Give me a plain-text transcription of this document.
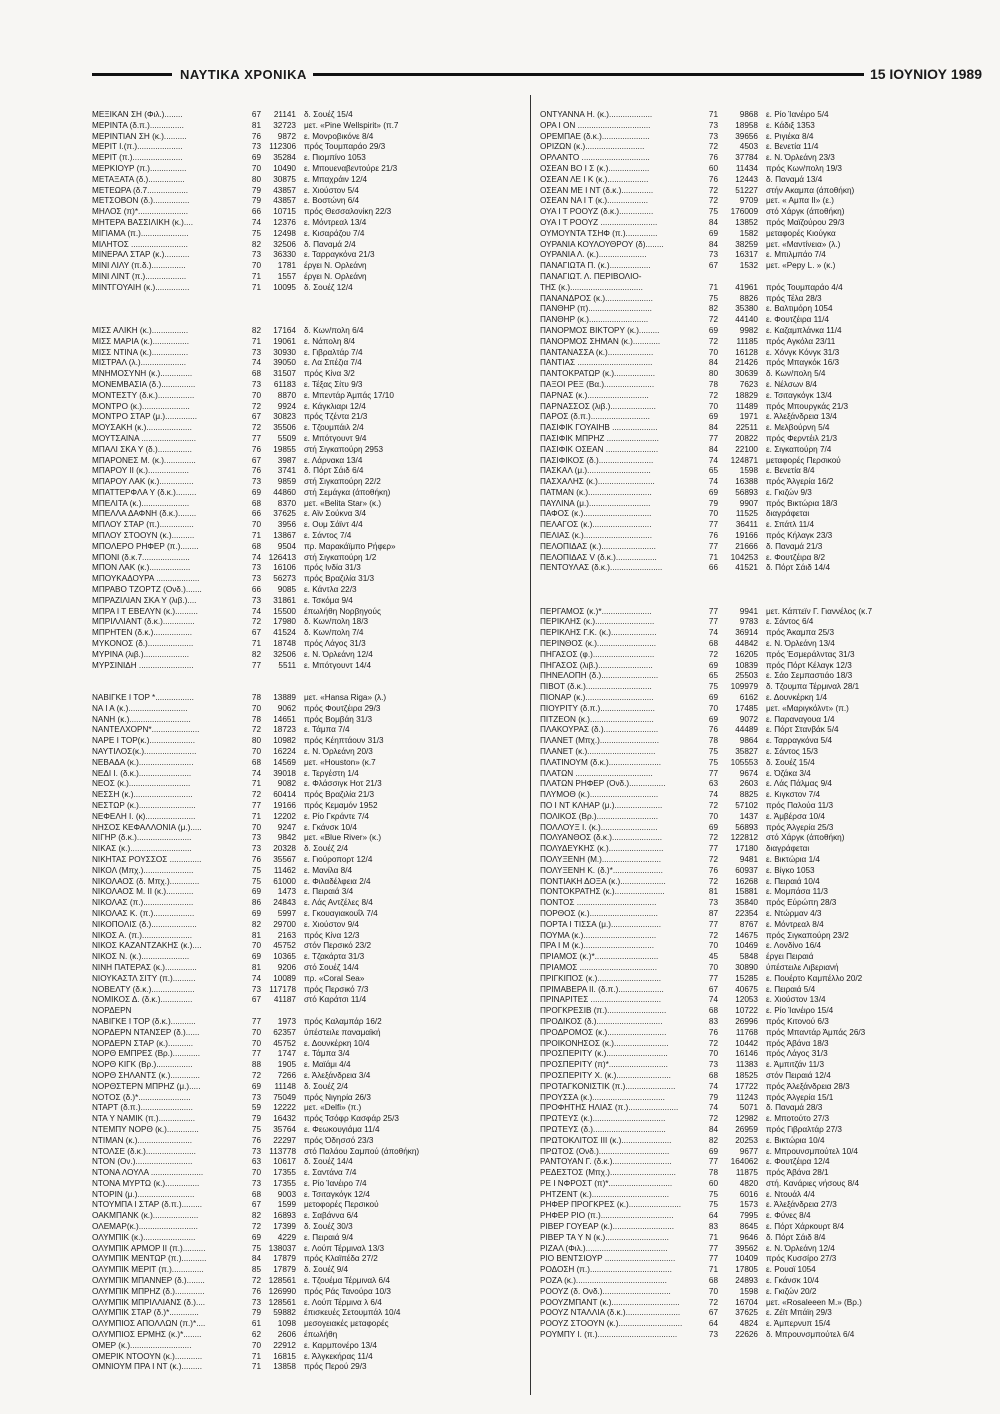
ΝΑΥΤΙΚΑ ΧΡΟΝΙΚΑ	15 ΙΟΥΝΙΟΥ 1989
ΜΕΞΙΚΑΝ ΣΗ (Φιλ.)........	67	21141 δ. Σουέζ 15/4
ΜΕΡΙΝΤΑ (δ.π.)...............	81	32723 μετ. «Pine Wellspirit» (π.7
ΜΕΡΙΝΤΙΑΝ ΣΗ (κ.)..........	76	9872 ε. Μονροβικόνε 8/4
ΜΕΡΙΤ Ι.(π.)....................	73	112306 πρός Τουμπαράο 29/3
ΜΕΡΙΤ (π.)......................	69	35284 ε. Πιομπίνο 1053
ΜΕΡΚΙΟΥΡ (π.)................	70	10490 ε. Μπουεναβεντούρε 21/3
ΜΕΤΑΞΑΤΑ (δ.)................	80	30875 ε. Μπαχράιν 12/4
ΜΕΤΕΩΡΑ (δ.7..................	79	43857 ε. Χιούστον 5/4
ΜΕΤΣΟΒΟΝ (δ.)................	79	43857 ε. Βοστώνη 6/4
ΜΗΛΟΣ (π)*......................	66	10715 πρός Θεσσαλονίκη 22/3
ΜΗΤΕΡΑ ΒΑΣΣΙΛΙΚΗ (κ.)....	74	12376 ε. Μόντρεαλ 13/4
ΜΙΓΙΑΜΑ (π.).....................	75	12498 ε. Κισαράζου 7/4
ΜΙΛΗΤΟΣ .........................	82	32506 δ. Παναμά 2/4
ΜΙΝΕΡΑΛ ΣΤΑΡ (κ.)...........	73	36330 ε. Ταρραγκόνα 21/3
ΜΙΝΙ ΛΙΛΥ (π.δ.)...............	70	1781 έργει Ν. Ορλεάνη
ΜΙΝΙ ΛΙΝΤ (π.)..................	71	1557 έργει Ν. Ορλεάνη
ΜΙΝΤΓΟΥΑΙΗ (κ.)...............	71	10095 δ. Σουέζ 12/4
ΜΙΣΣ ΑΛΙΚΗ (κ.)................	82	17164 δ. Κων/πολη 6/4
ΜΙΣΣ ΜΑΡΙΑ (κ.)................	71	19061 ε. Νάπολη 8/4
ΜΙΣΣ ΝΤΙΝΑ (κ.)................	73	30930 ε. Γιβραλτάρ 7/4
ΜΙΣΤΡΑΛ (λ.)....................	74	39050 ε. Λα Σπέζια 7/4
ΜΝΗΜΟΣΥΝΗ (κ.)..............	68	31507 πρός Κίνα 3/2
ΜΟΝΕΜΒΑΣΙΑ (δ.)...............	73	61183 ε. Τέξας Σίτυ 9/3
ΜΟΝΤΕΣΤΥ (δ.κ.)................	70	8870 ε. Μπεντάρ Άμπάς 17/10
ΜΟΝΤΡΟ (κ.).....................	72	9924 ε. Κάγκλιαρι 12/4
ΜΟΝΤΡΟ ΣΤΑΡ (μ.)..............	67	30823 πρός Τζέντα 21/3
ΜΟΥΣΑΚΗ (κ.)....................	72	35506 ε. Τζουμπάιλ 2/4
ΜΟΥΤΣΑΙΝΑ ........................	77	5509 ε. Μπότγουντ 9/4
ΜΠΑΛΙ ΣΚΑ Υ (δ.)...............	76	19855 στή Σιγκαπούρη 2953
ΜΠΑΡΟΝΕΣ Μ. (κ.)..............	67	3987 ε. Λάρνακα 13/4
ΜΠΑΡΟΥ ΙΙ (κ.)..................	76	3741 δ. Πόρτ Σάιδ 6/4
ΜΠΑΡΟΥ ΛΑΚ (κ.)...............	73	9859 στή Σιγκαπούρη 22/2
ΜΠΑΤΤΕΡΦΛΑ Υ (δ.κ.).........	69	44860 στή Σεμάγκα (άποθήκη)
ΜΠΕΛΙΤΑ (κ.).....................	68	8370 μετ. «Belita Star» (κ.)
ΜΠΕΛΛΑ ΔΑΦΝΗ (δ.κ.)........	66	37625 ε. Αϊν Σούκνα 3/4
ΜΠΛΟΥ ΣΤΑΡ (π.)...............	70	3956 ε. Ουμ Σάϊντ 4/4
ΜΠΛΟΥ ΣΤΟΟΥΝ (κ.)..........	71	13867 ε. Σάντος 7/4
ΜΠΟΛΕΡΟ ΡΗΦΕΡ (π.)........	68	9504 πρ. Μαρακάϊμπο Ρήφερ»
ΜΠΟΝΙ (δ.κ.7.....................	74 126413 στή Σιγκαπούρη 1/2
ΜΠΟΝ ΛΑΚ (κ.)..................	73	16106 πρός Ινδία 31/3
ΜΠΟΥΚΑΔΟΥΡΑ ...................	73	56273 πρός Βραζιλία 31/3
ΜΠΡΑΒΟ ΤΖΟΡΤΖ (Ονδ.).......	66	9085 ε. Κάντλα 22/3
ΜΠΡΑΖΙΛΙΑΝ ΣΚΑ Υ (λιβ.)....	73	31861 ε. Τσκόμα 9/4
ΜΠΡΑ Ι Τ ΕΒΕΛΥΝ (κ.)..........	74	15500 έπωλήθη Νορβηγούς
ΜΠΡΙΛΛΙΑΝΤ (δ.κ.)..............	72	17980 δ. Κων/πολη 18/3
ΜΠΡΗΤΕΝ (δ.κ.).................	67	41524 δ. Κων/πολη 7/4
ΜΥΚΟΝΟΣ (δ.)....................	71	18748 πρός Λάγος 31/3
ΜΥΡΙΝΑ (λιβ.)....................	82	32506 ε. Ν. Όρλεάνη 12/4
ΜΥΡΣΙΝΙΔΗ ........................	77	5511 ε. Μπότγουντ 14/4
ΝΑΒΙΓΚΕ Ι ΤΟΡ *.................	78	13889 μετ. «Hansa Riga» (λ.)
ΝΑ Ι Α (κ.)..........................	70	9062 πρός Φουτζέιρα 29/3
ΝΑΝΗ (κ.)...........................	78	14651 πρός Βομβάη 31/3
ΝΑΝΤΕΛΧΟΡΝ*.....................	72	18723 ε. Τάμπα 7/4
ΝΑΡΕ Ι ΤΟΡ(κ.)....................	80	10982 πρός Κέηπτάουν 31/3
ΝΑΥΤΙΛΟΣ(κ.).......................	70	16224 ε. Ν. Όρλεάνη 20/3
ΝΕΒΑΔΑ (κ.)........................	68	14569 μετ. «Houston» (κ.7
ΝΕΔΙ Ι. (δ.κ.).......................	74	39018 ε. Τεργέστη 1/4
ΝΕΟΣ (κ.)...........................	71	9082 ε. Φλάσσιγκ Ηοτ 21/3
ΝΕΣΣΗ (κ.)..........................	72	60414 πρός Βραζιλία 21/3
ΝΕΣΤΩΡ (κ.).........................	77	19166 πρός Κεμαμόν 1952
ΝΕΦΕΛΗ Ι. (κ)......................	71	12202 ε. Ρίο Γκράντε 7/4
ΝΗΣΟΣ ΚΕΦΑΛΛΟΝΙΑ (μ.).....	70	9247 ε. Γκάνσκ 10/4
ΝΙΓΗΡ (δ.κ.)........................	73	9842 μετ. «Blue River» (κ.)
ΝΙΚΑΣ (κ.)...........................	73	20328 δ. Σουέζ 2/4
ΝΙΚΗΤΑΣ ΡΟΥΣΣΟΣ ..............	76	35567 ε. Γιούροπορτ 12/4
ΝΙΚΟΛ (Μπχ.)......................	75	11462 ε. Μανίλα 8/4
ΝΙΚΟΛΑΟΣ (δ. Μπχ.).............	75	61000 ε. Φιλαδέλφεια 2/4
ΝΙΚΟΛΑΟΣ Μ. ΙΙ (κ.)............	69	1473 ε. Πειραιά 3/4
ΝΙΚΟΛΑΣ (π.)......................	86	24843 ε. Λάς Αντζέλες 8/4
ΝΙΚΟΛΑΣ Κ. (π.)..................	69	5997 ε. Γκουαγιακουΐλ 7/4
ΝΙΚΟΠΟΛΙΣ (δ.)....................	82	29700 ε. Χιούστον 9/4
ΝΙΚΟΣ Α. (π.)......................	81	2163 πρός Κίνα 12/3
ΝΙΚΟΣ ΚΑΖΑΝΤΖΑΚΗΣ (κ.)....	70	45752 στόν Περσικό 23/2
ΝΙΚΟΣ Ν. (κ.).....................	69	10365 ε. Τζακάρτα 31/3
ΝΙΝΗ ΠΑΤΕΡΑΣ (κ.)..............	81	9206 στό Σουέζ 14/4
ΝΙΟΥΚΑΣΤΛ ΣΙΤΥ (π.)..........	74	10089 πρ. «Coral Sea»
ΝΟΒΕΛΤΥ (δ.κ.)...................	73	117178 πρός Περσικό 7/3
ΝΟΜΙΚΟΣ Δ. (δ.κ.)..............	67	41187 στό Καράτσι 11/4
ΝΟΡΔΕΡΝ
ΝΑΒΙΓΚΕ Ι ΤΟΡ (δ.κ.)...........	77	1973 πρός Καλαμπάρ 16/2
ΝΟΡΔΕΡΝ ΝΤΑΝΣΕΡ (δ.)......	70	62357 ύπέστειλε παναμαϊκή
ΝΟΡΔΕΡΝ ΣΤΑΡ (κ.)...........	70	45752 ε. Δουνκέρκη 10/4
ΝΟΡΘ ΕΜΠΡΕΣ (Βρ.)............	77	1747 ε. Τάμπα 3/4
ΝΟΡΘ ΚΙΓΚ (Βρ.)................	88	1905 ε. Μαϊάμι 4/4
ΝΟΡΘ ΣΗΛΑΝΤΣ (κ.).............	72	7266 ε. Άλεξάνδρεια 3/4
ΝΟΡΘΣΤΕΡΝ ΜΠΡΗΖ (μ.).....	69	11148 δ. Σουέζ 2/4
ΝΟΤΟΣ (δ.)*.......................	73	75049 πρός Νιγηρία 26/3
ΝΤΑΡΤ (δ.π.).......................	59	12222 μετ. «Delfi» (π.)
ΝΤΑ Υ ΝΑΜΙΚ (π.)................	79	16432 πρός Τσόφρ Κασφάρ 25/3
ΝΤΕΜΠΥ ΝΟΡΘ (κ.)..............	75	35764 ε. Φεωκουγιάμα 11/4
ΝΤΙΜΑΝ (κ.)........................	76	22297 πρός Όδησσό 23/3
ΝΤΟΛΣΕ (δ.κ.)......................	73	113778 στό Παλάου Σαμπού (άποθήκη)
ΝΤΟΝ (Ον.).........................	63	10617 δ. Σουέζ 14/4
ΝΤΟΝΑ ΛΟΥΛΑ .......................	70	17355 ε. Σαντάνα 7/4
ΝΤΟΝΑ ΜΥΡΤΩ (κ.)...............	73	17355 ε. Ρίο Ίανέιρο 7/4
ΝΤΟΡΙΝ (μ.).........................	68	9003 ε. Τσιταγκόγκ 12/4
ΝΤΟΥΜΠΑ Ι ΣΤΑΡ (δ.π.).........	67	1599 μετοφορές Περσικού
ΟΑΚΜΠΑΝΚ (κ.)....................	82	16893 ε. Σαβάννα 6/4
ΟΛΕΜΑΡ(κ.)..........................	72	17399 δ. Σουέζ 30/3
ΟΛΥΜΠΙΚ (κ.).......................	69	4229 ε. Πειραιά 9/4
ΟΛΥΜΠΙΚ ΑΡΜΟΡ ΙΙ (π.)..........	75 138037 ε. Λούπ Τέρμιναλ 13/3
ΟΛΥΜΠΙΚ ΜΕΝΤΩΡ (π.)...........	84	17879 πρός Κλαϊπέδα 27/2
ΟΛΥΜΠΙΚ ΜΕΡΙΤ (π.)..............	85	17879 δ. Σουέζ 9/4
ΟΛΥΜΠΙΚ ΜΠΑΝΝΕΡ (δ.)........	72 128561 ε. Τζουέμα Τέρμιναλ 6/4
ΟΛΥΜΠΙΚ ΜΠΡΗΖ (δ.).............	76 126990 πρός Ράς Τανούρα 10/3
ΟΛΥΜΠΙΚ ΜΠΡΙΛΛΙΑΝΣ (δ.)....	73 128561 ε. Λούπ Τέρμινα λ 6/4
ΟΛΥΜΠΙΚ ΣΤΑΡ (δ.)*.............	79	59882 έπισκευές Σετουμπάλ 10/4
ΟΛΥΜΠΙΟΣ ΑΠΟΛΛΩΝ (π.)*....	61	1098 μεσογειακές μεταφορές
ΟΛΥΜΠΙΟΣ ΕΡΜΗΣ (κ.)*........	62	2606 έπωλήθη
ΟΜΕΡ (κ.)...........................	70	22912 ε. Καρμπονέρο 13/4
ΟΜΕΡΙΚ ΝΤΟΟΥΝ (κ.)............	71	16815 ε. Άλγκεκήρας 11/4
ΟΜΝΙΟΥΜ ΠΡΑ Ι ΝΤ (κ.).........	71	13858 πρός Περού 29/3
ΟΝΤΥΑΝΝΑ Η. (κ.)...................	71	9868 ε. Ρίο Ίανέιρο 5/4
ΟΡΑ Ι ΟΝ ................................	73	18958 ε. Κάδιξ 1353
ΟΡΕΜΠΑΕ (δ.κ.).....................	73	39656 ε. Ριγιέκα 8/4
ΟΡΙΖΩΝ (κ.)..........................	72	4503 ε. Βενετία 11/4
ΟΡΛΑΝΤΟ ..............................	76	37784 ε. Ν. Όρλεάνη 23/3
ΟΣΕΑΝ ΒΟ Ι Σ (κ.)..................	60	11434 πρός Κων/πολη 19/3
ΟΣΕΑΝ ΛΕ Ι Κ (κ.)..................	76	12443 δ. Παναμά 13/4
ΟΣΕΑΝ ΜΕ Ι ΝΤ (δ.κ.)..............	72	51227 στήν Ακαμπα (άποθήκη)
ΟΣΕΑΝ ΝΑ Ι Τ (κ.)..................	72	9709 μετ. « Αμπα ΙΙ» (ε.)
ΟΥΑ Ι Τ ΡΟΟΥΖ (δ.κ.)...............	75	176009 στό Χάργκ (άποθήκη)
ΟΥΑ Ι Τ ΡΟΟΥΖ .........................	84	13852 πρός Μαϊζούρου 29/3
ΟΥΜΟΥΝΤΑ ΤΣΗΦ (π.)..............	69	1582 μεταφορές Κιούγκα
ΟΥΡΑΝΙΑ ΚΟΥΛΟΥΘΡΟΥ (δ)........	84	38259 μετ. «Μαντίνεια» (λ.)
ΟΥΡΑΝΙΑ Λ. (κ.).....................	73	16317 ε. Μπιλμπάο 7/4
ΠΑΝΑΓΙΩΤΑ Π. (κ.)..................	67	1532 μετ. «Pepy L. » (κ.)
ΠΑΝΑΓΙΩΤ. Λ. ΠΕΡΙΒΟΛΙΟ-
ΤΗΣ (κ.)................................	71	41961 πρός Τουμπαράο 4/4
ΠΑΝΑΝΔΡΟΣ (κ.).....................	75	8826 πρός Τέλα 28/3
ΠΑΝΘΗΡ (π)............................	82	35380 ε. Βαλτιμόρη 1054
ΠΑΝΘΗΡ (κ.)..........................	72	44140 ε. Φουτζέιρα 11/4
ΠΑΝΟΡΜΟΣ ΒΙΚΤΟΡΥ (κ.).........	69	9982 ε. Καζαμπλάνκα 11/4
ΠΑΝΟΡΜΟΣ ΣΗΜΑΝ (κ.)............	72	11185 πρός Αγκόλα 23/11
ΠΑΝΤΑΝΑΣΣΑ (κ.)....................	70	16128 ε. Χόνγκ Κόνγκ 31/3
ΠΑΝΤΙΑΣ .................................	84	21426 πρός Μπαγκόκ 16/3
ΠΑΝΤΟΚΡΑΤΩΡ (κ.)..................	80	30639 δ. Κων/πολη 5/4
ΠΑΞΟΙ ΡΕΞ (Βα.)......................	78	7623 ε. Νέλσων 8/4
ΠΑΡΝΑΣ (κ.)...........................	72	18829 ε. Τσιταγκόγκ 13/4
ΠΑΡΝΑΣΣΟΣ (λιβ.)....................	70	11489 πρός Μπουργκάς 21/3
ΠΑΡΟΣ (δ.π.)..........................	69	1971 ε. Άλεξάνδρεια 13/4
ΠΑΣΙΦΙΚ ΓΟΥΑΙΗΒ ....................	84	22511 ε. Μελβούρνη 5/4
ΠΑΣΙΦΙΚ ΜΠΡΗΖ .......................	77	20822 πρός Φερντέιλ 21/3
ΠΑΣΙΦΙΚ ΟΣΕΑΝ .......................	84	22100 ε. Σιγκαπούρη 7/4
ΠΑΣΙΦΙΚΟΣ (δ.)........................	74	124871 μεταφορές Περσικού
ΠΑΣΚΑΛ (μ.)............................	65	1598 ε. Βενετία 8/4
ΠΑΣΧΑΛΗΣ (κ.).........................	74	16388 πρός Άλγερία 16/2
ΠΑΤΜΑΝ (κ.)............................	69	56893 ε. Γκιζών 9/3
ΠΑΥΛΙΝΑ (μ.)...........................	79	9907 πρός Βικτώρια 18/3
ΠΑΦΟΣ (κ.)..............................	70	11525 διαγράφεται
ΠΕΛΑΓΟΣ (κ.)..........................	77	36411 ε. Σπάτλ 11/4
ΠΕΛΙΑΣ (κ.)..............................	76	19166 πρός Κήλαγκ 23/3
ΠΕΛΟΠΙΔΑΣ (κ.)........................	77	21666 δ. Παναμά 21/3
ΠΕΛΟΠΙΔΑΣ V (δ.κ.)..................	71	104253 ε. Φουτζέιρα 8/2
ΠΕΝΤΟΥΛΑΣ (δ.κ.).......................	66	41521 δ. Πόρτ Σάιδ 14/4
ΠΕΡΓΑΜΟΣ (κ.)*......................	77	9941 μετ. Κάπτεϊν Γ. Γιαννέλος (κ.7
ΠΕΡΙΚΛΗΣ (κ.)..........................	77	9783 ε. Σάντος 6/4
ΠΕΡΙΚΛΗΣ Γ.Κ. (κ.)....................	74	36914 πρός Άκαμπα 25/3
ΠΕΡΙΝΘΟΣ (κ.)..........................	68	44842 ε. Ν. Όρλεάνη 13/4
ΠΗΓΑΣΟΣ (φ.)...........................	72	16205 πρός Έσμεράλντας 31/3
ΠΗΓΑΣΟΣ (λιβ.)........................	69	10839 πρός Πόρτ Κέλαγκ 12/3
ΠΗΝΕΛΟΠΗ (δ.).........................	65	25503 ε. Σάο Σεμπαστιάο 18/3
ΠΙΒΟΤ (δ.κ.).............................	75	109979 δ. Τζουμπα Τέρμιναλ 28/1
ΠΙΟΝΑΡ (κ.)..............................	69	6162 ε. Δουνκέρκη 1/4
ΠΙΟΥΡΙΤΥ (δ.π.)........................	70	17485 μετ. «Μαριγκόλντ» (π.)
ΠΙΤΖΕΟΝ (κ.)............................	69	9072 ε. Παραναγουα 1/4
ΠΛΑΚΟΥΡΑΣ (δ.)........................	76	44489 ε. Πόρτ Στανβάκ 5/4
ΠΛΑΝΕΤ (Μπχ.)..........................	78	9864 ε. Ταρραγκόνα 5/4
ΠΛΑΝΕΤ (κ.)..............................	75	35827 ε. Σάντος 15/3
ΠΛΑΤΙΝΟΥΜ (δ.κ.).......................	75	105553 δ. Σουέζ 15/4
ΠΛΑΤΩΝ ..................................	77	9674 ε. Όζάκα 3/4
ΠΛΑΤΩΝ ΡΗΦΕΡ (Ονδ.)................	63	2603 ε. Λάς Πάλμας 9/4
ΠΛΥΜΟΘ (κ.)..............................	74	8825 ε. Κιγκστον 7/4
ΠΟ Ι ΝΤ ΚΛΗΑΡ (μ.).....................	72	57102 πρός Παλούα 11/3
ΠΟΛΙΚΟΣ (Βρ.)...........................	70	1437 ε. Άμβέρσα 10/4
ΠΟΛΛΟΥΞ Ι. (κ.).........................	69	56893 πρός Άλγερία 25/3
ΠΟΛΥΑΝΘΟΣ (δ.κ.)......................	72	122812 στό Χάργκ (άποθήκη)
ΠΟΛΥΔΕΥΚΗΣ (κ.)........................	77	17180 διαγράφεται
ΠΟΛΥΞΕΝΗ (Μ.)..........................	72	9481 ε. Βικτώρια 1/4
ΠΟΛΥΞΕΝΗ Κ. (δ.)*......................	76	60937 ε. Βίγκο 1053
ΠΟΝΤΙΑΚΗ ΔΟΞΑ (κ.)....................	72	16268 ε. Πειραιά 10/4
ΠΟΝΤΟΚΡΑΤΗΣ (κ.)......................	81	15881 ε. Μομπάσα 11/3
ΠΟΝΤΟΣ ...................................	73	35840 πρός Εύρώπη 28/3
ΠΟΡΘΟΣ (κ.)..............................	87	22354 ε. Ντώρμαν 4/3
ΠΟΡΤΑ Ι ΤΙΣΣΑ (μ.)......................	77	8767 ε. Μόντρεαλ 8/4
ΠΟΥΜΑ (κ.)................................	72	14675 πρός Σιγκαπούρη 23/2
ΠΡΑ Ι Μ (κ.)...............................	70	10469 ε. Λονδίνο 16/4
ΠΡΙΑΜΟΣ (κ.)*............................	45	5848 έργει Πειραιά
ΠΡΙΑΜΟΣ ..................................	70	30890 ύπέστειλε Λιβεριανή
ΠΡΙΓΚΙΠΟΣ (κ.)............................	77	15285 ε. Πουέρτο Καμπέλλο 20/2
ΠΡΙΜΑΒΕΡΑ ΙΙ. (δ.π.)....................	67	40675 ε. Πειραιά 5/4
ΠΡΙΝΑΡΙΤΕΣ ...............................	74	12053 ε. Χιούστον 13/4
ΠΡΟΓΚΡΕΣΙΒ (π.)..........................	68	10722 ε. Ρίο Ίανέιρο 15/4
ΠΡΟΔΙΚΟΣ (δ.).............................	83	26996 πρός Κιτονού 6/3
ΠΡΟΔΡΟΜΟΣ (κ.)..........................	76	11768 πρός Μπαντάρ Άμπάς 26/3
ΠΡΟΙΚΟΝΗΣΟΣ (κ.)........................	72	10442 πρός Άβάνα 18/3
ΠΡΟΣΠΕΡΙΤΥ (κ.)...........................	70	16146 πρός Λάγος 31/3
ΠΡΟΣΠΕΡΙΤΥ (π)*..........................	73	11383 ε. Άμπιτζάν 11/3
ΠΡΟΣΠΕΡΙΤΥ Χ. (κ.)........................	68	18525 στόν Πειραιά 12/4
ΠΡΟΤΑΓΚΟΝΙΣΤΙΚ (π.)......................	74	17722 πρός Άλεξάνδρεια 28/3
ΠΡΟΥΣΣΑ (κ.)................................	79	11243 πρός Άλγερία 15/1
ΠΡΟΦΗΤΗΣ ΗΛΙΑΣ (π.)......................	74	5071 δ. Παναμά 28/3
ΠΡΩΤΕΥΣ (κ.)................................	72	12982 ε. Μποτούτο 27/3
ΠΡΩΤΕΥΣ (δ.)................................	84	26959 πρός Γιβραλτάρ 27/3
ΠΡΩΤΟΚΛΙΤΟΣ ΙΙΙ (κ.)......................	82	20253 ε. Βικτώρια 10/4
ΠΡΩΤΟΣ (Ονδ.)...............................	69	9677 ε. Μπρουνσμπούτελ 10/4
ΡΑΝΤΟΥΑΝ Γ. (δ.κ.)..........................	77	164062 ε. Φουτζέιρα 12/4
ΡΕΔΕΣΤΟΣ (Μπχ.).............................	78	11875 πρός Άβάνα 28/1
ΡΕ Ι ΝΦΡΟΣΤ (π)*............................	60	4820 στή. Κανάριες νήσους 8/4
ΡΗΤΖΕΝΤ (κ.)..................................	75	6016 ε. Ντουάλ 4/4
ΡΗΦΕΡ ΠΡΟΓΚΡΕΣ (κ.).......................	75	1573 ε. Άλεξάνδρεια 27/3
ΡΗΦΕΡ ΡΙΟ (π.)................................	64	7995 ε. Φύνες 8/4
ΡΙΒΕΡ ΓΟΥΕΑΡ (κ.)...........................	83	8645 ε. Πόρτ Χάρκουρτ 8/4
ΡΙΒΕΡ ΤΑ Υ Ν (κ.)............................	71	9646 δ. Πόρτ Σάιδ 8/4
ΡΙΖΑΛ (Φιλ.)....................................	77	39562 ε. Ν. Όρλεάνη 12/4
ΡΙΟ ΒΕΝΤΣΙΟΥΡ ...............................	77	10409 πρός Κυσσίρο 27/3
ΡΟΔΟΣΗ (π.)....................................	71	17805 ε. Ρουαϊ 1054
ΡΟΖΑ (κ.)........................................	68	24893 ε. Γκάνσκ 10/4
ΡΟΟΥΖ (δ. Ονδ.)..............................	70	1598 ε. Γκιζών 20/2
ΡΟΟΥΖΜΠΑΝΤ (κ.)..............................	72	16704 μετ. «Rosaleeen Μ.» (Βρ.)
ΡΟΟΥΖ ΝΤΑΛΛΙΑ (δ.κ.)........................	67	37625 ε. Ζέϊτ Μπάϊη 29/3
ΡΟΟΥΖ ΣΤΟΟΥΝ (κ.)............................	64	4824 ε. Άμπερνυπ 15/4
ΡΟΥΜΠΥ Ι. (π.)...................................	73	22626 δ. Μπρουνσμπούτελ 6/4
